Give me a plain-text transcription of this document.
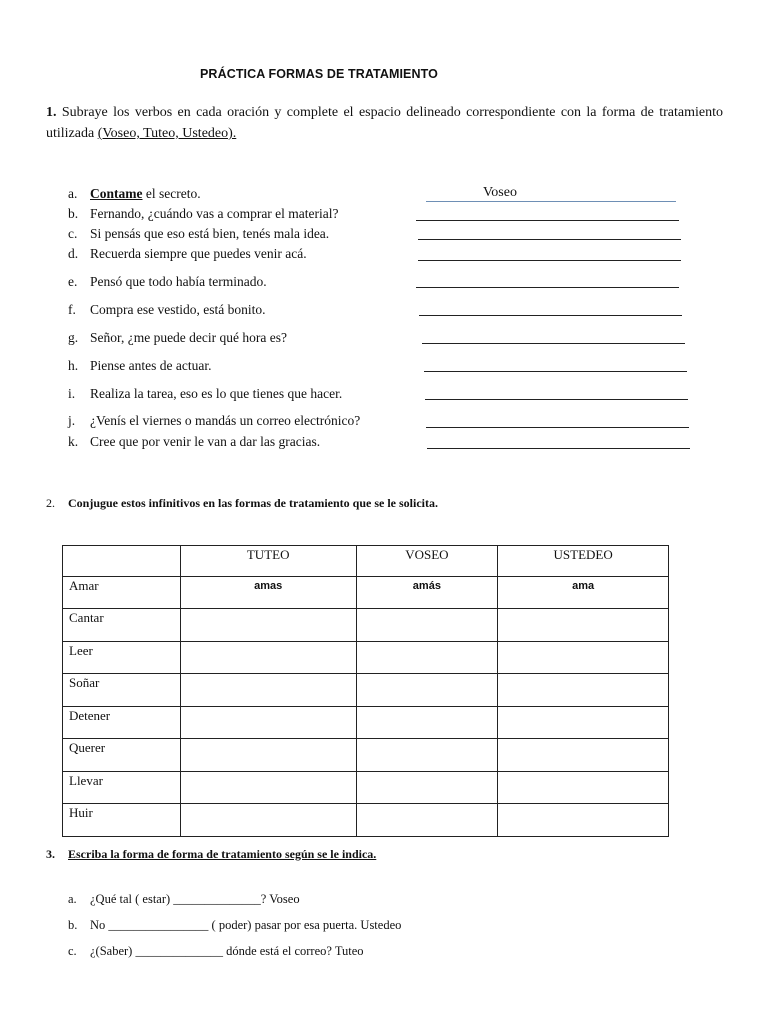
PRÁCTICA FORMAS DE TRATAMIENTO
1. Subraye los verbos en cada oración y complete el espacio delineado correspondiente con la forma de tratamiento utilizada (Voseo, Tuteo, Ustedeo).
a. Contame el secreto.	Voseo
b. Fernando, ¿cuándo vas a comprar el material?
c. Si pensás que eso está bien, tenés mala idea.
d. Recuerda siempre que puedes venir acá.
e. Pensó que todo había terminado.
f. Compra ese vestido, está bonito.
g. Señor, ¿me puede decir qué hora es?
h. Piense antes de actuar.
i. Realiza la tarea, eso es lo que tienes que hacer.
j. ¿Venís el viernes o mandás un correo electrónico?
k. Cree que por venir le van a dar las gracias.
2. Conjugue estos infinitivos en las formas de tratamiento que se le solicita.
	TUTEO	VOSEO	USTEDEO
Amar	amas	amás	ama
Cantar			
Leer			
Soñar			
Detener			
Querer			
Llevar			
Huir			
3. Escriba la forma de forma de tratamiento según se le indica.
a. ¿Qué tal ( estar) ______________? Voseo
b. No ________________ ( poder) pasar por esa puerta. Ustedeo
c. ¿(Saber) ______________ dónde está el correo? Tuteo
